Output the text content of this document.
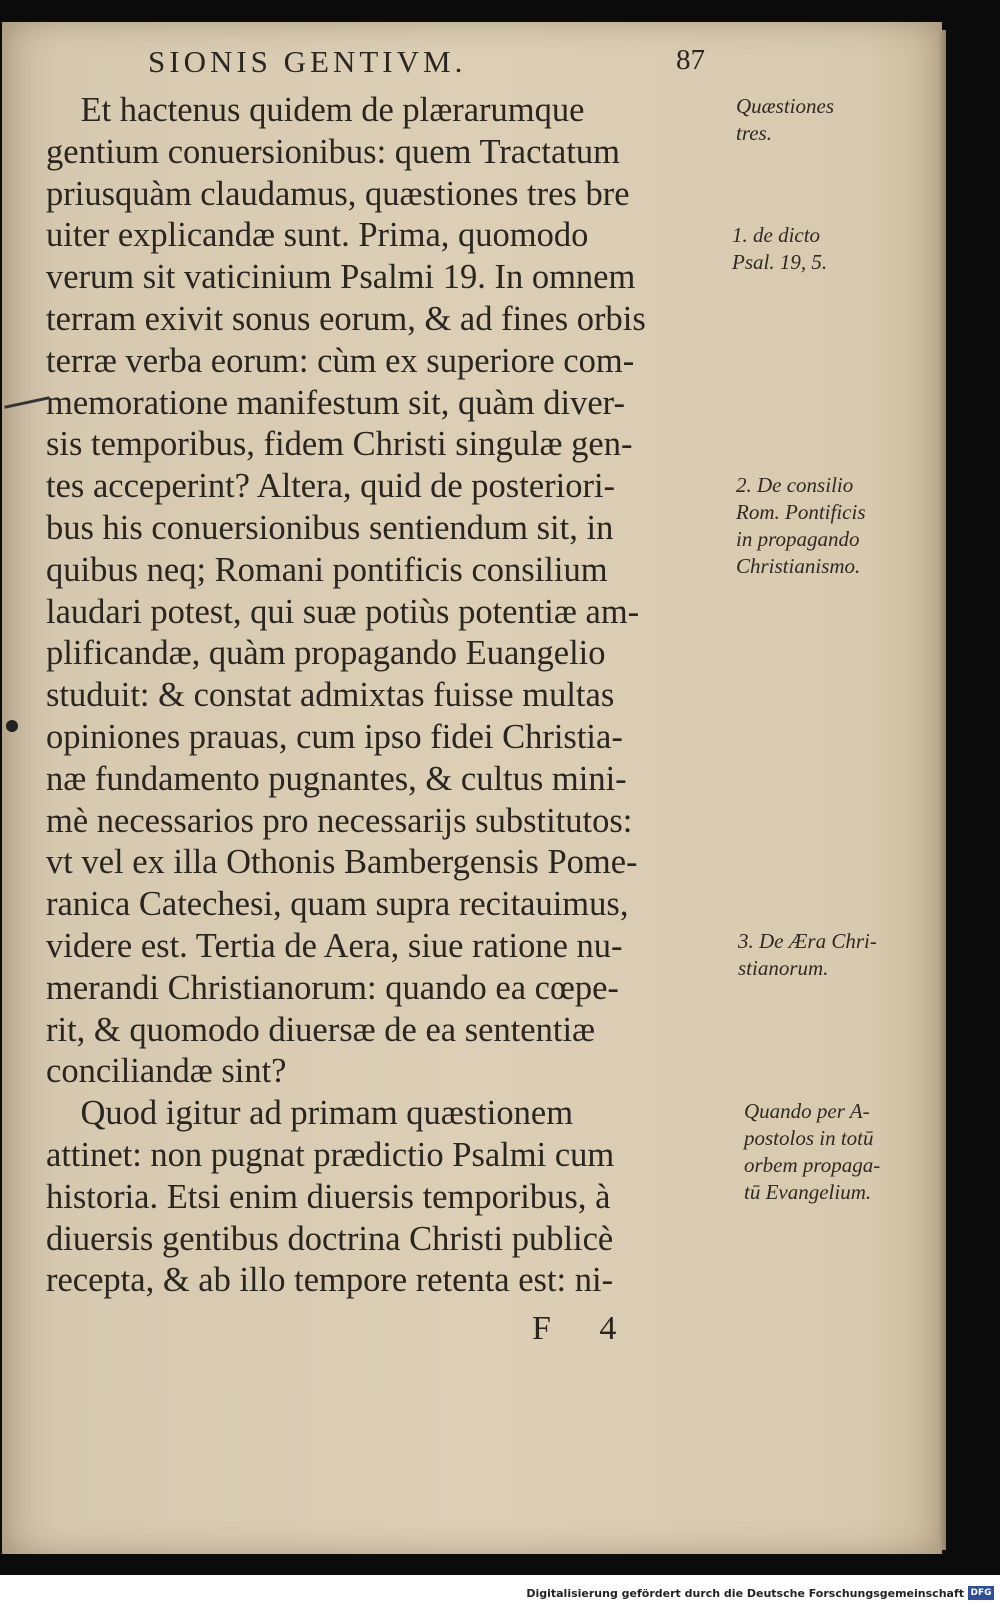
SIONIS GENTIVM.	87
Et hactenus quidem de plærarumque
gentium conuersionibus: quem Tractatum
priusquàm claudamus, quæstiones tres bre
uiter explicandæ sunt. Prima, quomodo
verum sit vaticinium Psalmi 19. In omnem
terram exivit sonus eorum, & ad fines orbis
terræ verba eorum: cùm ex superiore com-
memoratione manifestum sit, quàm diver-
sis temporibus, fidem Christi singulæ gen-
tes acceperint? Altera, quid de posteriori-
bus his conuersionibus sentiendum sit, in
quibus neq; Romani pontificis consilium
laudari potest, qui suæ potiùs potentiæ am-
plificandæ, quàm propagando Euangelio
studuit: & constat admixtas fuisse multas
opiniones prauas, cum ipso fidei Christia-
næ fundamento pugnantes, & cultus mini-
mè necessarios pro necessarijs substitutos:
vt vel ex illa Othonis Bambergensis Pome-
ranica Catechesi, quam supra recitauimus,
videre est. Tertia de Aera, siue ratione nu-
merandi Christianorum: quando ea cœpe-
rit, & quomodo diuersæ de ea sententiæ
conciliandæ sint?
Quod igitur ad primam quæstionem
attinet: non pugnat prædictio Psalmi cum
historia. Etsi enim diuersis temporibus, à
diuersis gentibus doctrina Christi publicè
recepta, & ab illo tempore retenta est: ni-
Quæstiones
tres.
1. de dicto
Psal. 19, 5.
2. De consilio
Rom. Pontificis
in propagando
Christianismo.
3. De Æra Chri-
stianorum.
Quando per A-
postolos in totū
orbem propaga-
tū Evangelium.
F 4
Digitalisierung gefördert durch die Deutsche Forschungsgemeinschaft DFG
